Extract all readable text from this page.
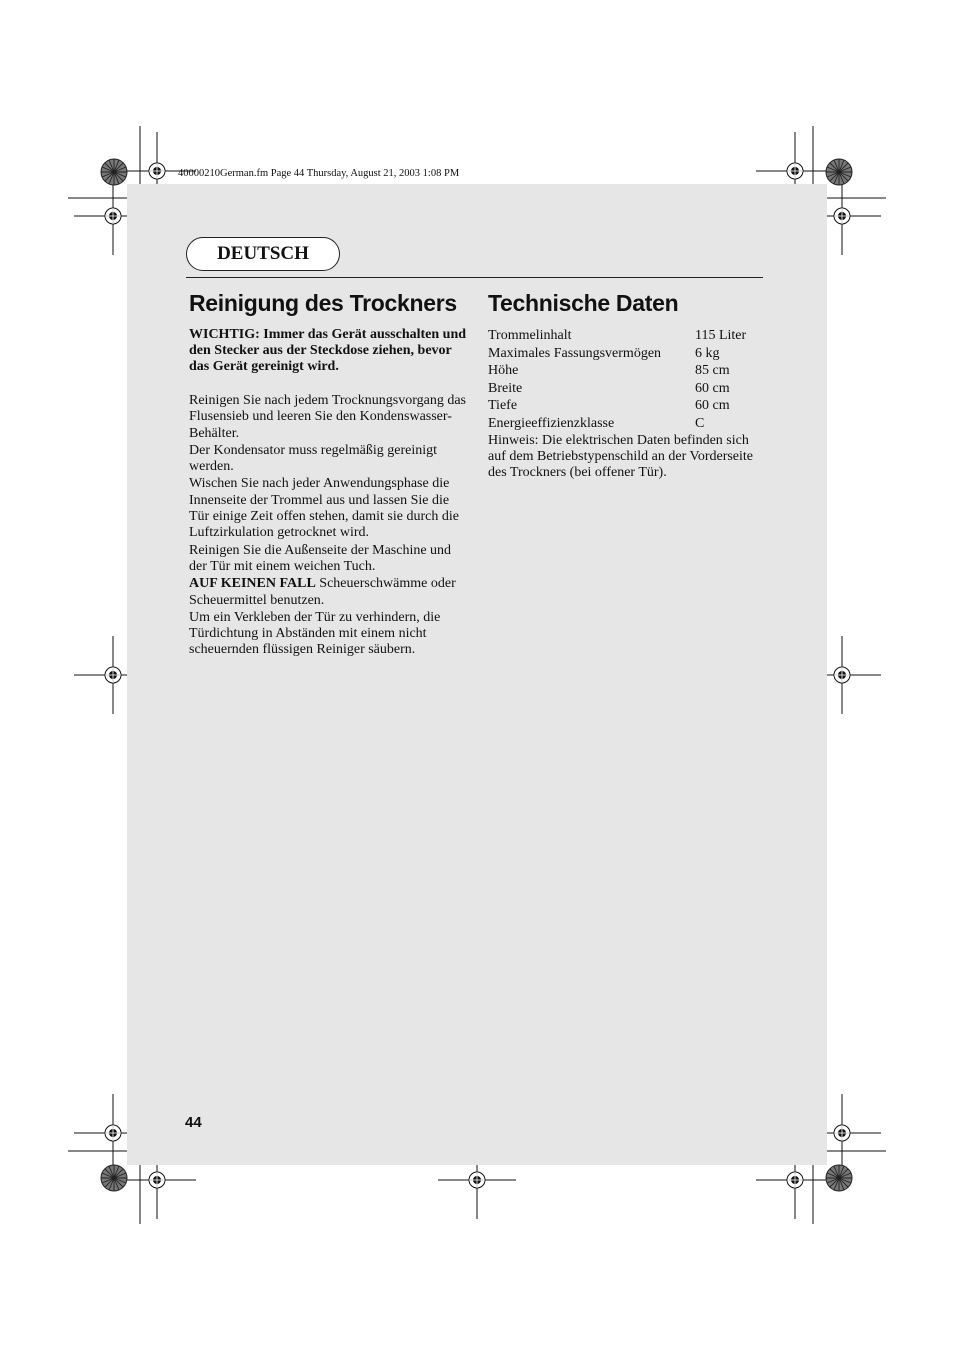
40000210German.fm Page 44 Thursday, August 21, 2003 1:08 PM
DEUTSCH
Reinigung des Trockners

WICHTIG: Immer das Gerät ausschalten und den Stecker aus der Steckdose ziehen, bevor das Gerät gereinigt wird.

Reinigen Sie nach jedem Trocknungsvorgang das Flusensieb und leeren Sie den Kondenswasser-Behälter.

Der Kondensator muss regelmäßig gereinigt werden.

Wischen Sie nach jeder Anwendungsphase die Innenseite der Trommel aus und lassen Sie die Tür einige Zeit offen stehen, damit sie durch die Luftzirkulation getrocknet wird.

Reinigen Sie die Außenseite der Maschine und der Tür mit einem weichen Tuch.

AUF KEINEN FALL Scheuerschwämme oder Scheuermittel benutzen.

Um ein Verkleben der Tür zu verhindern, die Türdichtung in Abständen mit einem nicht scheuernden flüssigen Reiniger säubern.

Technische Daten
Trommelinhalt	115 Liter
Maximales Fassungsvermögen	6 kg
Höhe	85 cm
Breite	60 cm
Tiefe	60 cm
Energieeffizienzklasse	C

Hinweis: Die elektrischen Daten befinden sich auf dem Betriebstypenschild an der Vorderseite des Trockners (bei offener Tür).

44
